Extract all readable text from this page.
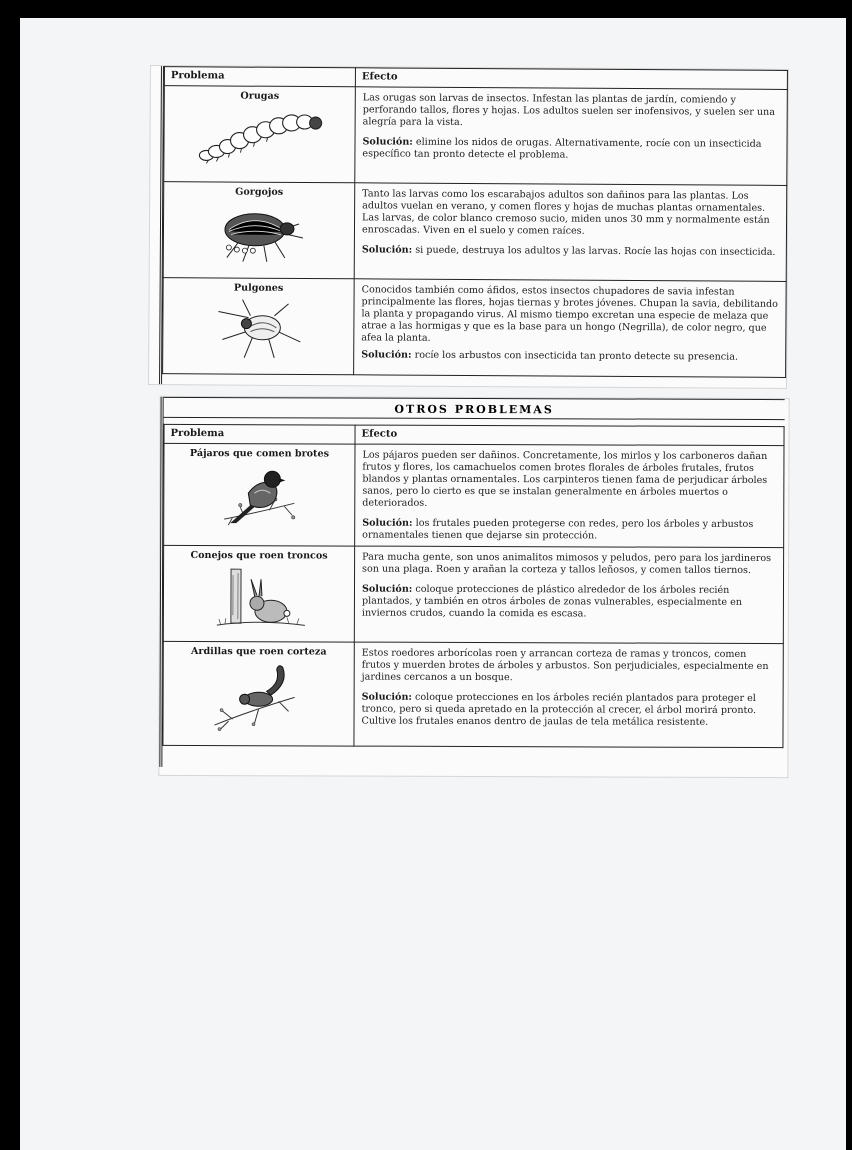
Problema	Efecto

Orugas	Las orugas son larvas de insectos. Infestan las plantas de jardín, comiendo y perforando tallos, flores y hojas. Los adultos suelen ser inofensivos, y suelen ser una alegría para la vista.

Solución: elimine los nidos de orugas. Alternativamente, rocíe con un insecticida específico tan pronto detecte el problema.

Gorgojos	Tanto las larvas como los escarabajos adultos son dañinos para las plantas. Los adultos vuelan en verano, y comen flores y hojas de muchas plantas ornamentales. Las larvas, de color blanco cremoso sucio, miden unos 30 mm y normalmente están enroscadas. Viven en el suelo y comen raíces.

Solución: si puede, destruya los adultos y las larvas. Rocíe las hojas con insecticida.

Pulgones	Conocidos también como áfidos, estos insectos chupadores de savia infestan principalmente las flores, hojas tiernas y brotes jóvenes. Chupan la savia, debilitando la planta y propagando virus. Al mismo tiempo excretan una especie de melaza que atrae a las hormigas y que es la base para un hongo (Negrilla), de color negro, que afea la planta.

Solución: rocíe los arbustos con insecticida tan pronto detecte su presencia.

OTROS PROBLEMAS
Problema	Efecto

Pájaros que comen brotes	Los pájaros pueden ser dañinos. Concretamente, los mirlos y los carboneros dañan frutos y flores, los camachuelos comen brotes florales de árboles frutales, frutos blandos y plantas ornamentales. Los carpinteros tienen fama de perjudicar árboles sanos, pero lo cierto es que se instalan generalmente en árboles muertos o deteriorados.

Solución: los frutales pueden protegerse con redes, pero los árboles y arbustos ornamentales tienen que dejarse sin protección.

Conejos que roen troncos	Para mucha gente, son unos animalitos mimosos y peludos, pero para los jardineros son una plaga. Roen y arañan la corteza y tallos leñosos, y comen tallos tiernos.

Solución: coloque protecciones de plástico alrededor de los árboles recién plantados, y también en otros árboles de zonas vulnerables, especialmente en inviernos crudos, cuando la comida es escasa.

Ardillas que roen corteza	Estos roedores arborícolas roen y arrancan corteza de ramas y troncos, comen frutos y muerden brotes de árboles y arbustos. Son perjudiciales, especialmente en jardines cercanos a un bosque.

Solución: coloque protecciones en los árboles recién plantados para proteger el tronco, pero si queda apretado en la protección al crecer, el árbol morirá pronto. Cultive los frutales enanos dentro de jaulas de tela metálica resistente.
